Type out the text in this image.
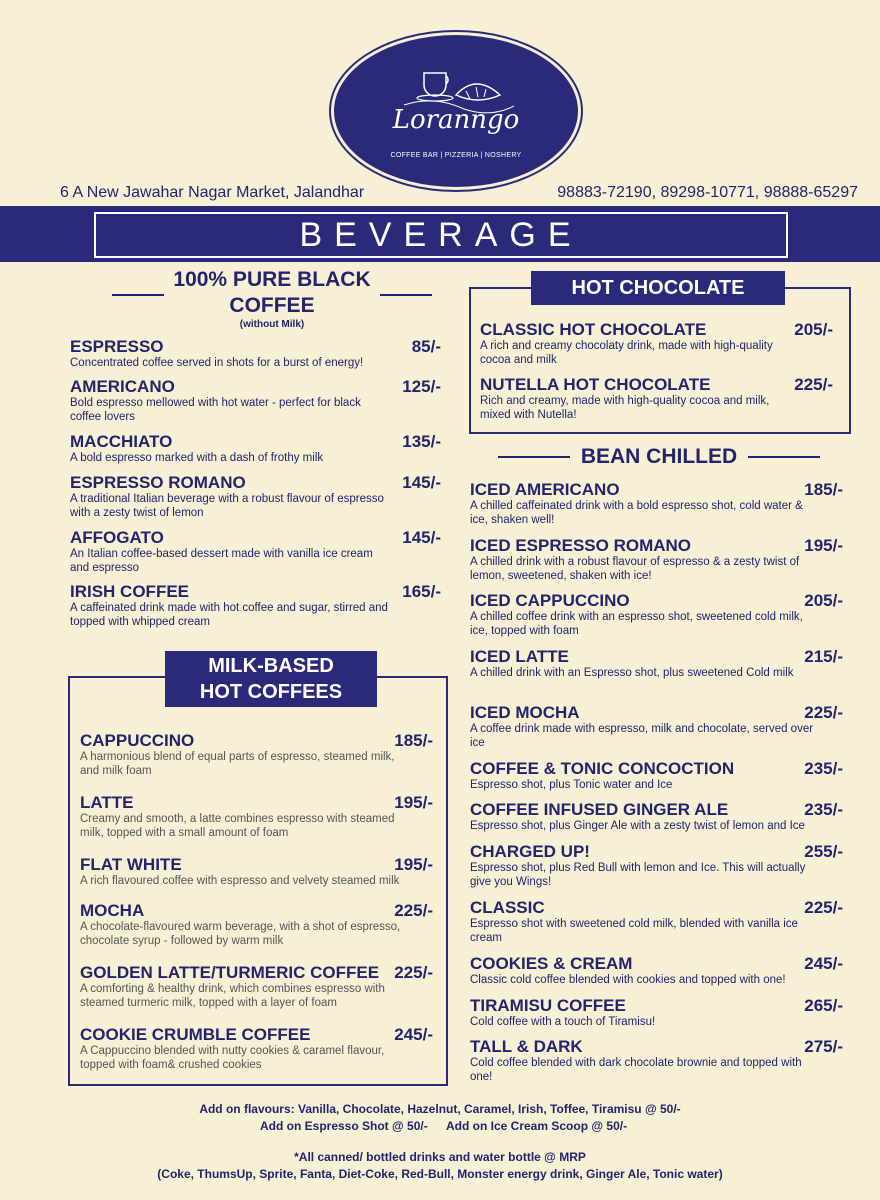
Loranngo
COFFEE BAR | PIZZERIA | NOSHERY
6 A New Jawahar Nagar Market, Jalandhar	98883-72190, 89298-10771, 98888-65297
BEVERAGE
100% PURE BLACK
COFFEE
(without Milk)
ESPRESSO	85/-
Concentrated coffee served in shots for a burst of energy!
AMERICANO	125/-
Bold espresso mellowed with hot water - perfect for black coffee lovers
MACCHIATO	135/-
A bold espresso marked with a dash of frothy milk
ESPRESSO ROMANO	145/-
A traditional Italian beverage with a robust flavour of espresso with a zesty twist of lemon
AFFOGATO	145/-
An Italian coffee-based dessert made with vanilla ice cream and espresso
IRISH COFFEE	165/-
A caffeinated drink made with hot coffee and sugar, stirred and topped with whipped cream
MILK-BASED
HOT COFFEES
CAPPUCCINO	185/-
A harmonious blend of equal parts of espresso, steamed milk, and milk foam
LATTE	195/-
Creamy and smooth, a latte combines espresso with steamed milk, topped with a small amount of foam
FLAT WHITE	195/-
A rich flavoured coffee with espresso and velvety steamed milk
MOCHA	225/-
A chocolate-flavoured warm beverage, with a shot of espresso, chocolate syrup - followed by warm milk
GOLDEN LATTE/TURMERIC COFFEE 225/-
A comforting & healthy drink, which combines espresso with steamed turmeric milk, topped with a layer of foam
COOKIE CRUMBLE COFFEE	245/-
A Cappuccino blended with nutty cookies & caramel flavour, topped with foam& crushed cookies
HOT CHOCOLATE
CLASSIC HOT CHOCOLATE	205/-
A rich and creamy chocolaty drink, made with high-quality cocoa and milk
NUTELLA HOT CHOCOLATE	225/-
Rich and creamy, made with high-quality cocoa and milk, mixed with Nutella!
BEAN CHILLED
ICED AMERICANO	185/-
A chilled caffeinated drink with a bold espresso shot, cold water & ice, shaken well!
ICED ESPRESSO ROMANO	195/-
A chilled drink with a robust flavour of espresso & a zesty twist of lemon, sweetened, shaken with ice!
ICED CAPPUCCINO	205/-
A chilled coffee drink with an espresso shot, sweetened cold milk, ice, topped with foam
ICED LATTE	215/-
A chilled drink with an Espresso shot, plus sweetened Cold milk
ICED MOCHA	225/-
A coffee drink made with espresso, milk and chocolate, served over ice
COFFEE & TONIC CONCOCTION	235/-
Espresso shot, plus Tonic water and Ice
COFFEE INFUSED GINGER ALE	235/-
Espresso shot, plus Ginger Ale with a zesty twist of lemon and Ice
CHARGED UP!	255/-
Espresso shot, plus Red Bull with lemon and Ice. This will actually give you Wings!
CLASSIC	225/-
Espresso shot with sweetened cold milk, blended with vanilla ice cream
COOKIES & CREAM	245/-
Classic cold coffee blended with cookies and topped with one!
TIRAMISU COFFEE	265/-
Cold coffee with a touch of Tiramisu!
TALL & DARK	275/-
Cold coffee blended with dark chocolate brownie and topped with one!
Add on flavours: Vanilla, Chocolate, Hazelnut, Caramel, Irish, Toffee, Tiramisu @ 50/-
Add on Espresso Shot @ 50/- Add on Ice Cream Scoop @ 50/-
*All canned/ bottled drinks and water bottle @ MRP
(Coke, ThumsUp, Sprite, Fanta, Diet-Coke, Red-Bull, Monster energy drink, Ginger Ale, Tonic water)
